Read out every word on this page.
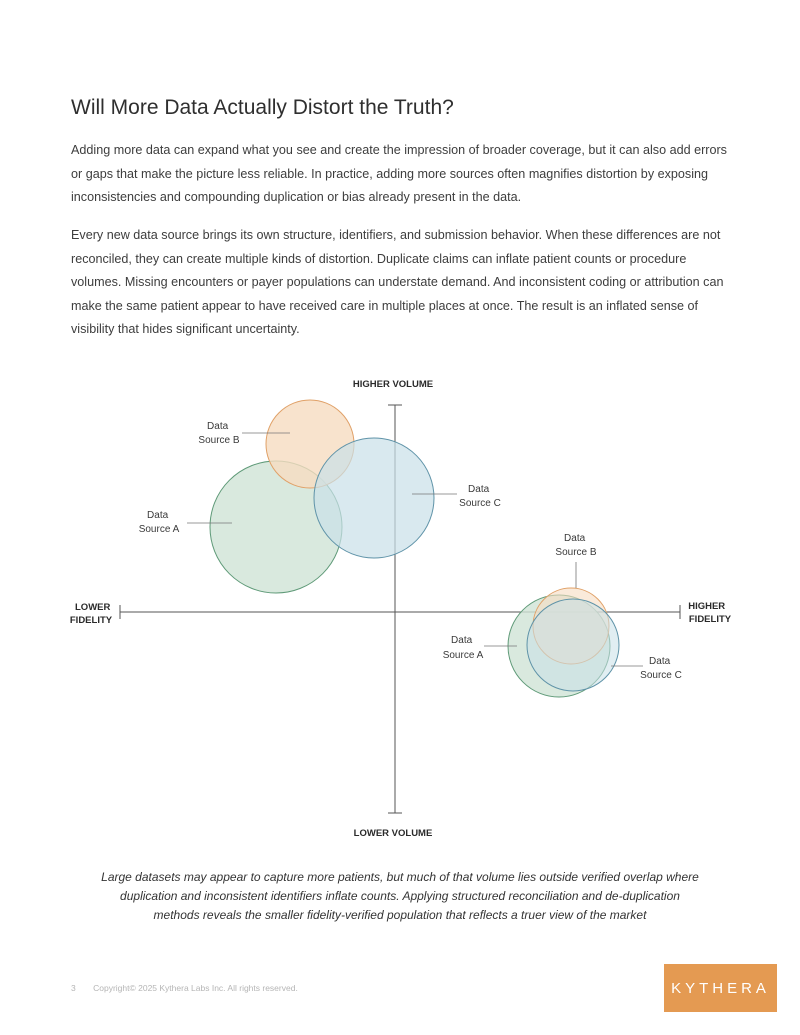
Will More Data Actually Distort the Truth?

Adding more data can expand what you see and create the impression of broader coverage, but it can also add errors or gaps that make the picture less reliable. In practice, adding more sources often magnifies distortion by exposing inconsistencies and compounding duplication or bias already present in the data.

Every new data source brings its own structure, identifiers, and submission behavior. When these differences are not reconciled, they can create multiple kinds of distortion. Duplicate claims can inflate patient counts or procedure volumes. Missing encounters or payer populations can understate demand. And inconsistent coding or attribution can make the same patient appear to have received care in multiple places at once. The result is an inflated sense of visibility that hides significant uncertainty.

Data Source B
Data Source A
Data Source C
Data Source B
Data Source A
Data Source C
HIGHER VOLUME
LOWER VOLUME
LOWER FIDELITY
HIGHER FIDELITY

Large datasets may appear to capture more patients, but much of that volume lies outside verified overlap where duplication and inconsistent identifiers inflate counts. Applying structured reconciliation and de-duplication methods reveals the smaller fidelity-verified population that reflects a truer view of the market

3 Copyright© 2025 Kythera Labs Inc. All rights reserved.	KYTHERA
